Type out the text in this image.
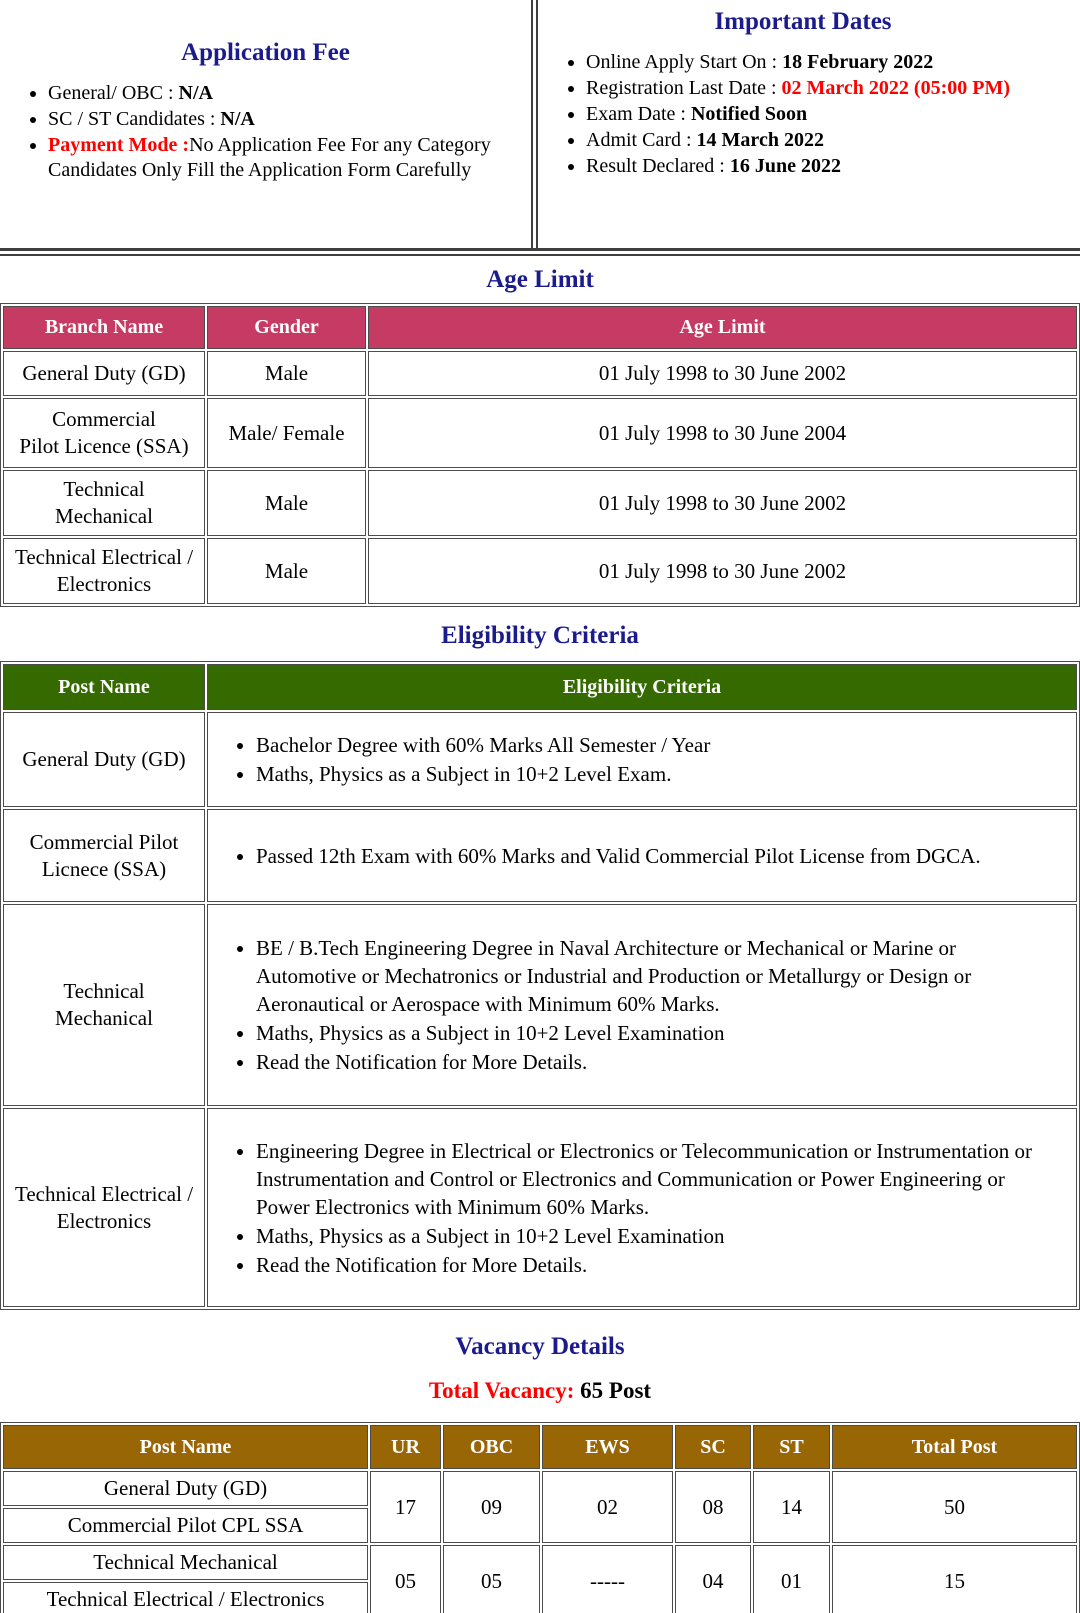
Application Fee
• General/ OBC : N/A
• SC / ST Candidates : N/A
• Payment Mode :No Application Fee For any Category Candidates Only Fill the Application Form Carefully
Important Dates
• Online Apply Start On : 18 February 2022
• Registration Last Date : 02 March 2022 (05:00 PM)
• Exam Date : Notified Soon
• Admit Card : 14 March 2022
• Result Declared : 16 June 2022
Age Limit
Branch Name	Gender	Age Limit

General Duty (GD)	Male	01 July 1998 to 30 June 2002

Commercial
Pilot Licence (SSA)	Male/ Female	01 July 1998 to 30 June 2004

Technical
Mechanical	Male	01 July 1998 to 30 June 2002

Technical Electrical /
Electronics	Male	01 July 1998 to 30 June 2002
Eligibility Criteria
Post Name	Eligibility Criteria

General Duty (GD)

• Bachelor Degree with 60% Marks All Semester / Year
• Maths, Physics as a Subject in 10+2 Level Exam.

Commercial Pilot
Licnece (SSA)

• Passed 12th Exam with 60% Marks and Valid Commercial Pilot License from DGCA.

Technical
Mechanical

• BE / B.Tech Engineering Degree in Naval Architecture or Mechanical or Marine or Automotive or Mechatronics or Industrial and Production or Metallurgy or Design or Aeronautical or Aerospace with Minimum 60% Marks.
• Maths, Physics as a Subject in 10+2 Level Examination
• Read the Notification for More Details.

Technical Electrical /
Electronics

• Engineering Degree in Electrical or Electronics or Telecommunication or Instrumentation or Instrumentation and Control or Electronics and Communication or Power Engineering or Power Electronics with Minimum 60% Marks.
• Maths, Physics as a Subject in 10+2 Level Examination
• Read the Notification for More Details.
Vacancy Details

Total Vacancy: 65 Post

Post Name	UR	OBC	EWS	SC	ST	Total Post
General Duty (GD)	17	09	02	08	14	50
Commercial Pilot CPL SSA						
Technical Mechanical	05	05	-----	04	01	15
Technical Electrical / Electronics						
